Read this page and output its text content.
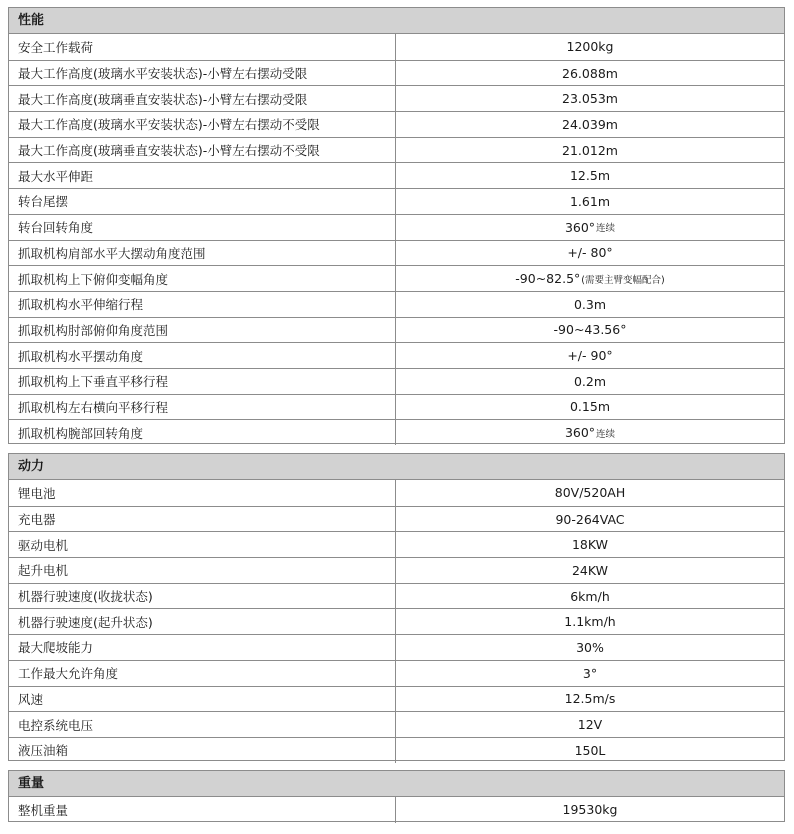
性能
安全工作载荷	1200kg
最大工作高度(玻璃水平安装状态)-小臂左右摆动受限	26.088m
最大工作高度(玻璃垂直安装状态)-小臂左右摆动受限	23.053m
最大工作高度(玻璃水平安装状态)-小臂左右摆动不受限	24.039m
最大工作高度(玻璃垂直安装状态)-小臂左右摆动不受限	21.012m
最大水平伸距	12.5m
转台尾摆	1.61m
转台回转角度	360° 连续
抓取机构肩部水平大摆动角度范围	+/- 80°
抓取机构上下俯仰变幅角度	-90~82.5° (需要主臂变幅配合)
抓取机构水平伸缩行程	0.3m
抓取机构肘部俯仰角度范围	-90~43.56°
抓取机构水平摆动角度	+/- 90°
抓取机构上下垂直平移行程	0.2m
抓取机构左右横向平移行程	0.15m
抓取机构腕部回转角度	360° 连续
动力
锂电池	80V/520AH
充电器	90-264VAC
驱动电机	18KW
起升电机	24KW
机器行驶速度(收拢状态)	6km/h
机器行驶速度(起升状态)	1.1km/h
最大爬坡能力	30%
工作最大允许角度	3°
风速	12.5m/s
电控系统电压	12V
液压油箱	150L
重量
整机重量	19530kg
